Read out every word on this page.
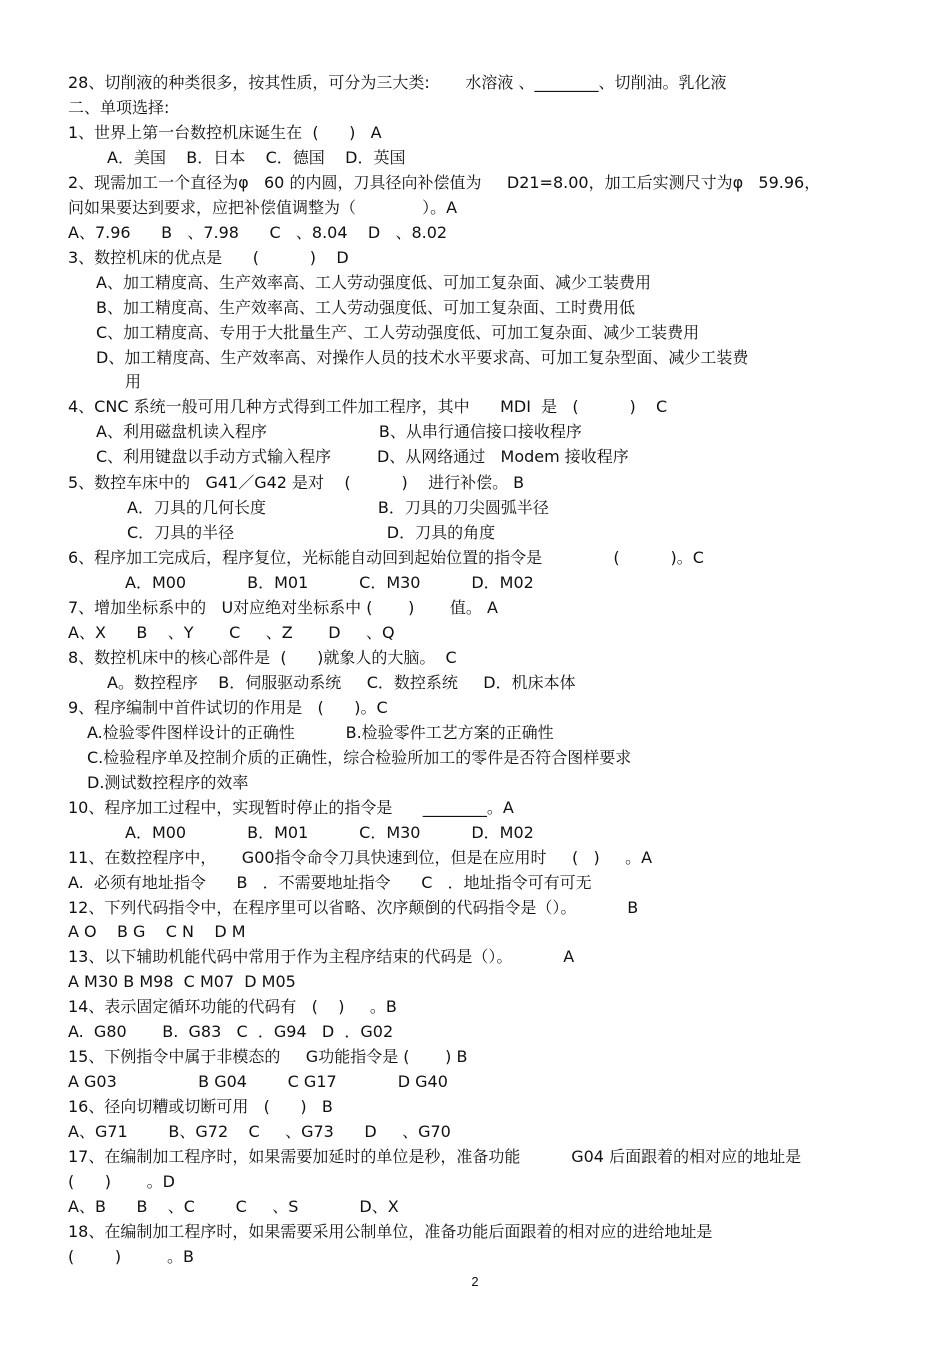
28、切削液的种类很多，按其性质，可分为三大类:       水溶液 、________、切削油。乳化液
二、单项选择:
1、世界上第一台数控机床诞生在  (      )   A
A．美国    B．日本    C．德国    D．英国
2、现需加工一个直径为φ   60 的内圆，刀具径向补偿值为     D21=8.00，加工后实测尺寸为φ   59.96，
问如果要达到要求，应把补偿值调整为（             ）。A
A、7.96      B   、7.98      C   、8.04    D   、8.02
3、数控机床的优点是      (          )    D
A、加工精度高、生产效率高、工人劳动强度低、可加工复杂面、减少工装费用
B、加工精度高、生产效率高、工人劳动强度低、可加工复杂面、工时费用低
C、加工精度高、专用于大批量生产、工人劳动强度低、可加工复杂面、减少工装费用
D、加工精度高、生产效率高、对操作人员的技术水平要求高、可加工复杂型面、减少工装费
用
4、CNC 系统一般可用几种方式得到工件加工程序，其中      MDI  是   (          )    C
A、利用磁盘机读入程序                      B、从串行通信接口接收程序
C、利用键盘以手动方式输入程序         D、从网络通过   Modem 接收程序
5、数控车床中的   G41／G42 是对    (          )    进行补偿。 B
A．刀具的几何长度                      B．刀具的刀尖圆弧半径
C．刀具的半径                              D．刀具的角度
6、程序加工完成后，程序复位，光标能自动回到起始位置的指令是              (          )。C
A．M00            B．M01          C．M30          D．M02
7、增加坐标系中的   U对应绝对坐标系中 (       )       值。 A
A、X      B    、Y       C     、Z       D     、Q
8、数控机床中的核心部件是  (      )就象人的大脑。  C
A。数控程序    B．伺服驱动系统     C．数控系统     D．机床本体
9、程序编制中首件试切的作用是   (      )。C
A.检验零件图样设计的正确性          B.检验零件工艺方案的正确性
C.检验程序单及控制介质的正确性，综合检验所加工的零件是否符合图样要求
D.测试数控程序的效率
10、程序加工过程中，实现暂时停止的指令是      ________。A
A．M00            B．M01          C．M30          D．M02
11、在数控程序中，     G00指令命令刀具快速到位，但是在应用时     (   )     。A
A.  必须有地址指令      B   ．不需要地址指令      C   ．地址指令可有可无
12、下列代码指令中，在程序里可以省略、次序颠倒的代码指令是（）。          B
A O    B G    C N    D M
13、以下辅助机能代码中常用于作为主程序结束的代码是（）。          A
A M30 B M98  C M07  D M05
14、表示固定循环功能的代码有   (    )     。B
A.  G80       B.  G83   C  ．G94   D  ．G02
15、下例指令中属于非模态的     G功能指令是 (       ) B
A G03                B G04        C G17            D G40
16、径向切糟或切断可用   (      )   B
A、G71        B、G72    C     、G73      D     、G70
17、在编制加工程序时，如果需要加延时的单位是秒，准备功能          G04 后面跟着的相对应的地址是
(      )       。D
A、B      B    、C        C     、S            D、X
18、在编制加工程序时，如果需要采用公制单位，准备功能后面跟着的相对应的进给地址是
(        )         。B
2
